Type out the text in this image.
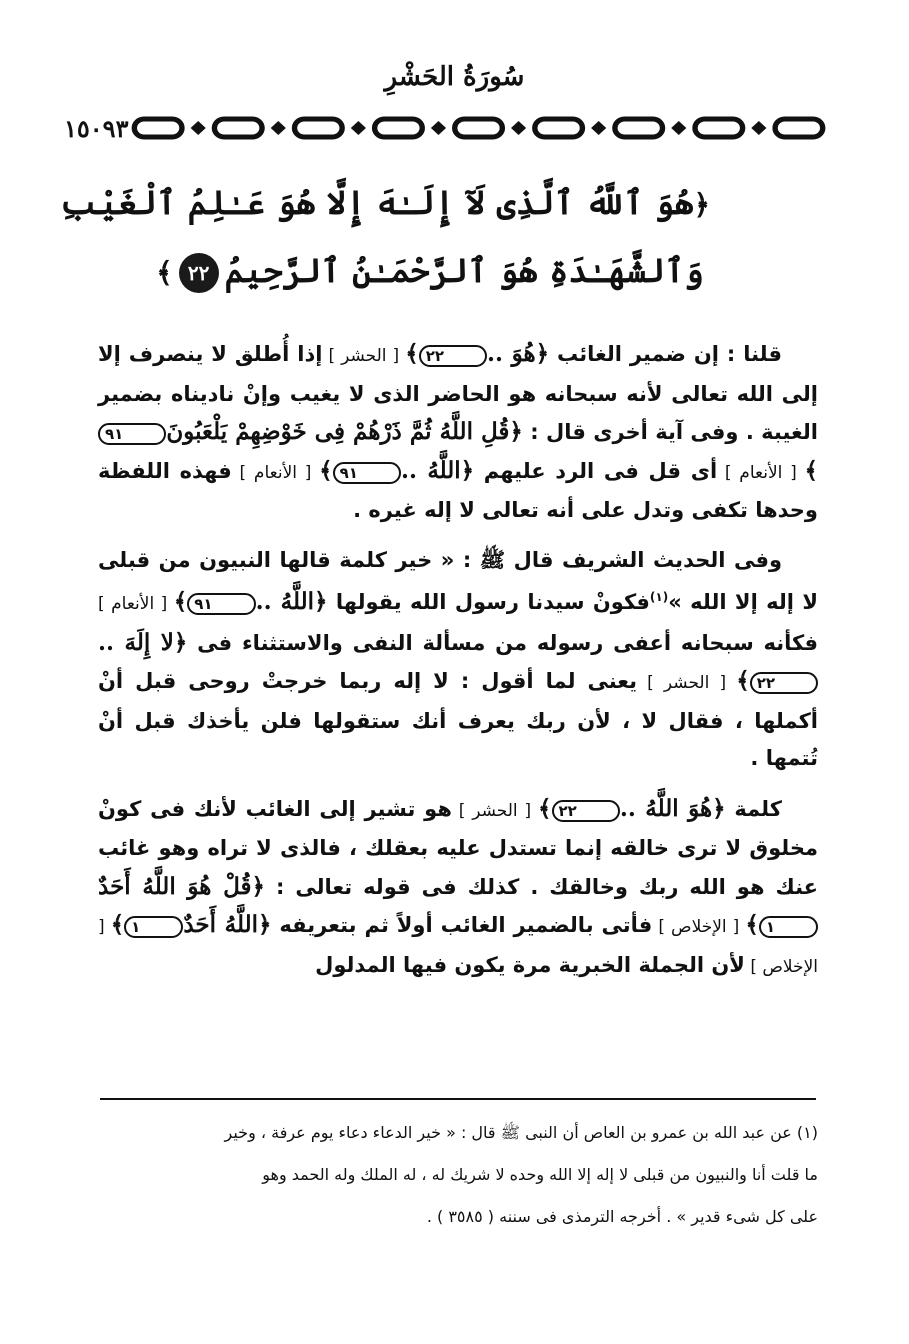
سُورَةُ الحَشْرِ
١٥٠٩٣
﴿هُوَ ٱللَّهُ ٱلَّذِى لَآ إِلَـٰهَ إِلَّا هُوَ عَـٰلِمُ ٱلْغَيْبِ
وَٱلشَّهَـٰدَةِ هُوَ ٱلرَّحْمَـٰنُ ٱلرَّحِيمُ٢٢﴾

قلنا : إن ضمير الغائب ﴿هُوَ ..٢٢﴾ [ الحشر ] إذا أُطلق لا ينصرف إلا إلى الله تعالى لأنه سبحانه هو الحاضر الذى لا يغيب وإنْ ناديناه بضمير الغيبة . وفى آية أخرى قال : ﴿قُلِ اللَّهُ ثُمَّ ذَرْهُمْ فِى خَوْضِهِمْ يَلْعَبُونَ٩١﴾ [ الأنعام ] أى قل فى الرد عليهم ﴿اللَّهُ ..٩١﴾ [ الأنعام ] فهذه اللفظة وحدها تكفى وتدل على أنه تعالى لا إله غيره .

وفى الحديث الشريف قال ﷺ : « خير كلمة قالها النبيون من قبلى لا إله إلا الله »$^{(١)}$فكونْ سيدنا رسول الله يقولها ﴿اللَّهُ ..٩١﴾ [ الأنعام ] فكأنه سبحانه أعفى رسوله من مسألة النفى والاستثناء فى ﴿لا إِلَهَ ..٢٢﴾ [ الحشر ] يعنى لما أقول : لا إله ربما خرجتْ روحى قبل أنْ أكملها ، فقال لا ، لأن ربك يعرف أنك ستقولها فلن يأخذك قبل أنْ تُتمها .

كلمة ﴿هُوَ اللَّهُ ..٢٢﴾ [ الحشر ] هو تشير إلى الغائب لأنك فى كونْ مخلوق لا ترى خالقه إنما تستدل عليه بعقلك ، فالذى لا تراه وهو غائب عنك هو الله ربك وخالقك . كذلك فى قوله تعالى : ﴿قُلْ هُوَ اللَّهُ أَحَدٌ١﴾ [ الإخلاص ] فأتى بالضمير الغائب أولاً ثم بتعريفه ﴿اللَّهُ أَحَدٌ١﴾ [ الإخلاص ] لأن الجملة الخبرية مرة يكون فيها المدلول

(١) عن عبد الله بن عمرو بن العاص أن النبى ﷺ قال : « خير الدعاء دعاء يوم عرفة ، وخير

ما قلت أنا والنبيون من قبلى لا إله إلا الله وحده لا شريك له ، له الملك وله الحمد وهو

على كل شىء قدير » . أخرجه الترمذى فى سننه ( ٣٥٨٥ ) .
